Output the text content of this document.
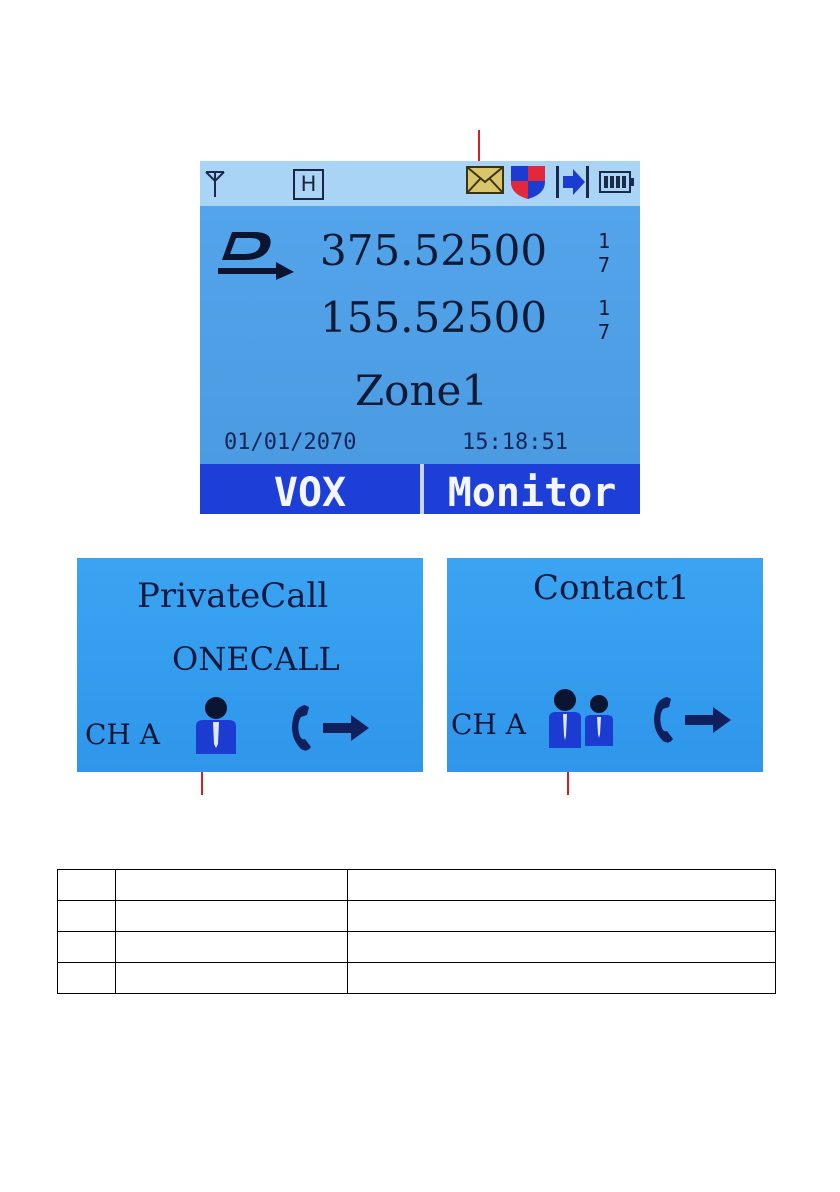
H
375.52500	1 7
155.52500	1 7
Zone1
01/01/2070	15:18:51
VOX	Monitor
PrivateCall
ONECALL
CH A
Contact1
CH A
